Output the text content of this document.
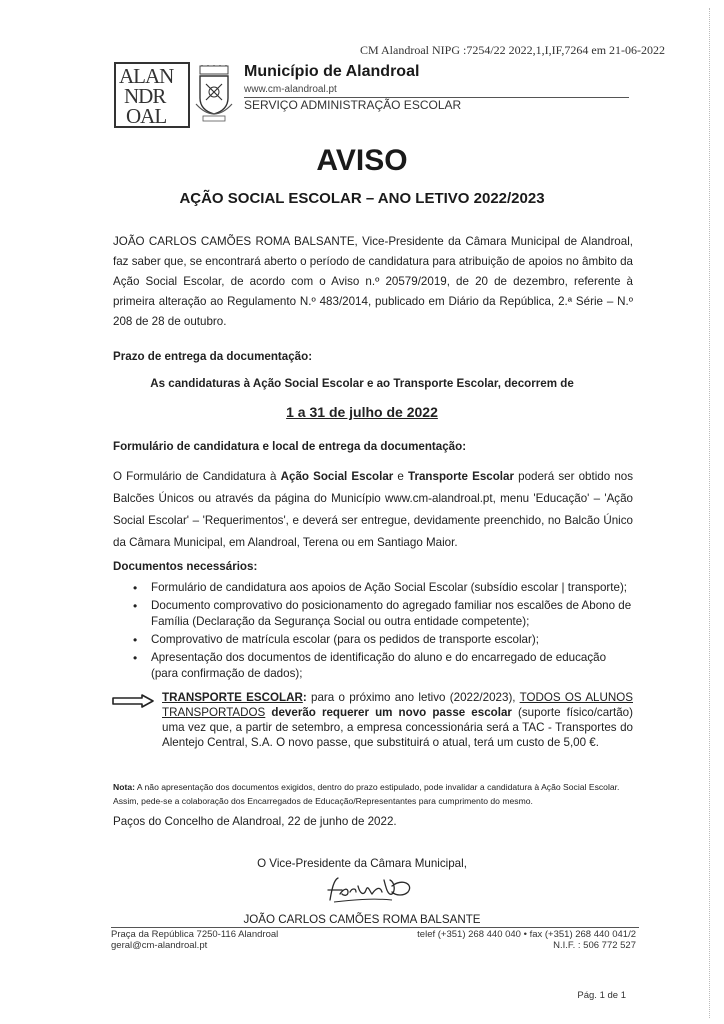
CM Alandroal NIPG :7254/22 2022,1,I,IF,7264 em 21-06-2022
ALAN
NDR
OAL
Município de Alandroal
www.cm-alandroal.pt
SERVIÇO ADMINISTRAÇÃO ESCOLAR
AVISO
AÇÃO SOCIAL ESCOLAR – ANO LETIVO 2022/2023
JOÃO CARLOS CAMÕES ROMA BALSANTE, Vice-Presidente da Câmara Municipal de Alandroal, faz saber que, se encontrará aberto o período de candidatura para atribuição de apoios no âmbito da Ação Social Escolar, de acordo com o Aviso n.º 20579/2019, de 20 de dezembro, referente à primeira alteração ao Regulamento N.º 483/2014, publicado em Diário da República, 2.ª Série – N.º 208 de 28 de outubro.
Prazo de entrega da documentação:
As candidaturas à Ação Social Escolar e ao Transporte Escolar, decorrem de
1 a 31 de julho de 2022
Formulário de candidatura e local de entrega da documentação:
O Formulário de Candidatura à Ação Social Escolar e Transporte Escolar poderá ser obtido nos Balcões Únicos ou através da página do Município www.cm-alandroal.pt, menu 'Educação' – 'Ação Social Escolar' – 'Requerimentos', e deverá ser entregue, devidamente preenchido, no Balcão Único da Câmara Municipal, em Alandroal, Terena ou em Santiago Maior.
Documentos necessários:
• Formulário de candidatura aos apoios de Ação Social Escolar (subsídio escolar | transporte);
• Documento comprovativo do posicionamento do agregado familiar nos escalões de Abono de Família (Declaração da Segurança Social ou outra entidade competente);
• Comprovativo de matrícula escolar (para os pedidos de transporte escolar);
• Apresentação dos documentos de identificação do aluno e do encarregado de educação (para confirmação de dados);
TRANSPORTE ESCOLAR: para o próximo ano letivo (2022/2023), TODOS OS ALUNOS TRANSPORTADOS deverão requerer um novo passe escolar (suporte físico/cartão) uma vez que, a partir de setembro, a empresa concessionária será a TAC - Transportes do Alentejo Central, S.A. O novo passe, que substituirá o atual, terá um custo de 5,00 €.
Nota: A não apresentação dos documentos exigidos, dentro do prazo estipulado, pode invalidar a candidatura à Ação Social Escolar. Assim, pede-se a colaboração dos Encarregados de Educação/Representantes para cumprimento do mesmo.
Paços do Concelho de Alandroal, 22 de junho de 2022.
O Vice-Presidente da Câmara Municipal,
JOÃO CARLOS CAMÕES ROMA BALSANTE
Praça da República 7250-116 Alandroal
geral@cm-alandroal.pt
telef (+351) 268 440 040 • fax (+351) 268 440 041/2
N.I.F. : 506 772 527
Pág. 1 de 1
